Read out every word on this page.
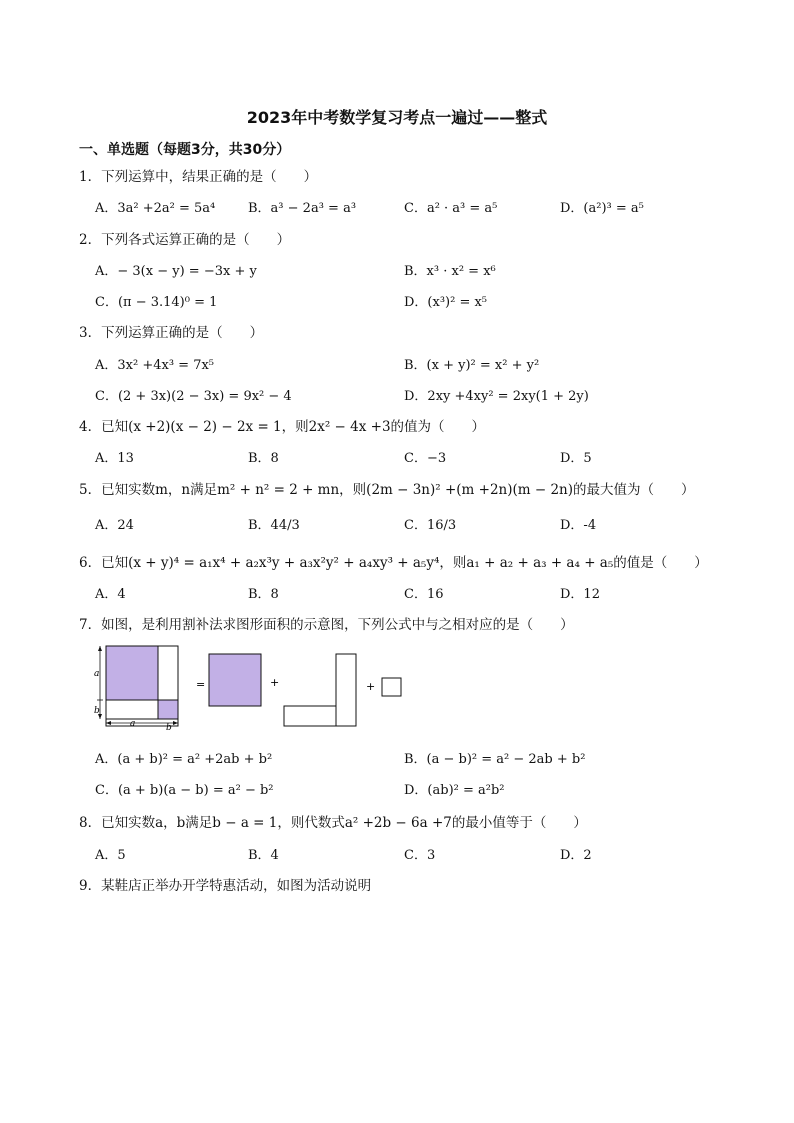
2023年中考数学复习考点一遍过——整式
一、单选题（每题3分，共30分）
1．下列运算中，结果正确的是（　　）
A．3a² +2a² = 5a⁴	B．a³ − 2a³ = a³	C．a² · a³ = a⁵	D．(a²)³ = a⁵
2．下列各式运算正确的是（　　）
A．− 3(x − y) = −3x + y	B．x³ · x² = x⁶
C．(π − 3.14)⁰ = 1	D．(x³)² = x⁵
3．下列运算正确的是（　　）
A．3x² +4x³ = 7x⁵	B．(x + y)² = x² + y²
C．(2 + 3x)(2 − 3x) = 9x² − 4	D．2xy +4xy² = 2xy(1 + 2y)
4．已知(x +2)(x − 2) − 2x = 1，则2x² − 4x +3的值为（　　）
A．13	B．8	C．−3	D．5
5．已知实数m，n满足m² + n² = 2 + mn，则(2m − 3n)² +(m +2n)(m − 2n)的最大值为（　　）
A．24	B．44/3	C．16/3	D．-4
6．已知(x + y)⁴ = a₁x⁴ + a₂x³y + a₃x²y² + a₄xy³ + a₅y⁴，则a₁ + a₂ + a₃ + a₄ + a₅的值是（　　）
A．4	B．8	C．16	D．12
7．如图，是利用割补法求图形面积的示意图，下列公式中与之相对应的是（　　）
a
b
a	b
=	+	+
A．(a + b)² = a² +2ab + b²	B．(a − b)² = a² − 2ab + b²
C．(a + b)(a − b) = a² − b²	D．(ab)² = a²b²
8．已知实数a，b满足b − a = 1，则代数式a² +2b − 6a +7的最小值等于（　　）
A．5	B．4	C．3	D．2
9．某鞋店正举办开学特惠活动，如图为活动说明
